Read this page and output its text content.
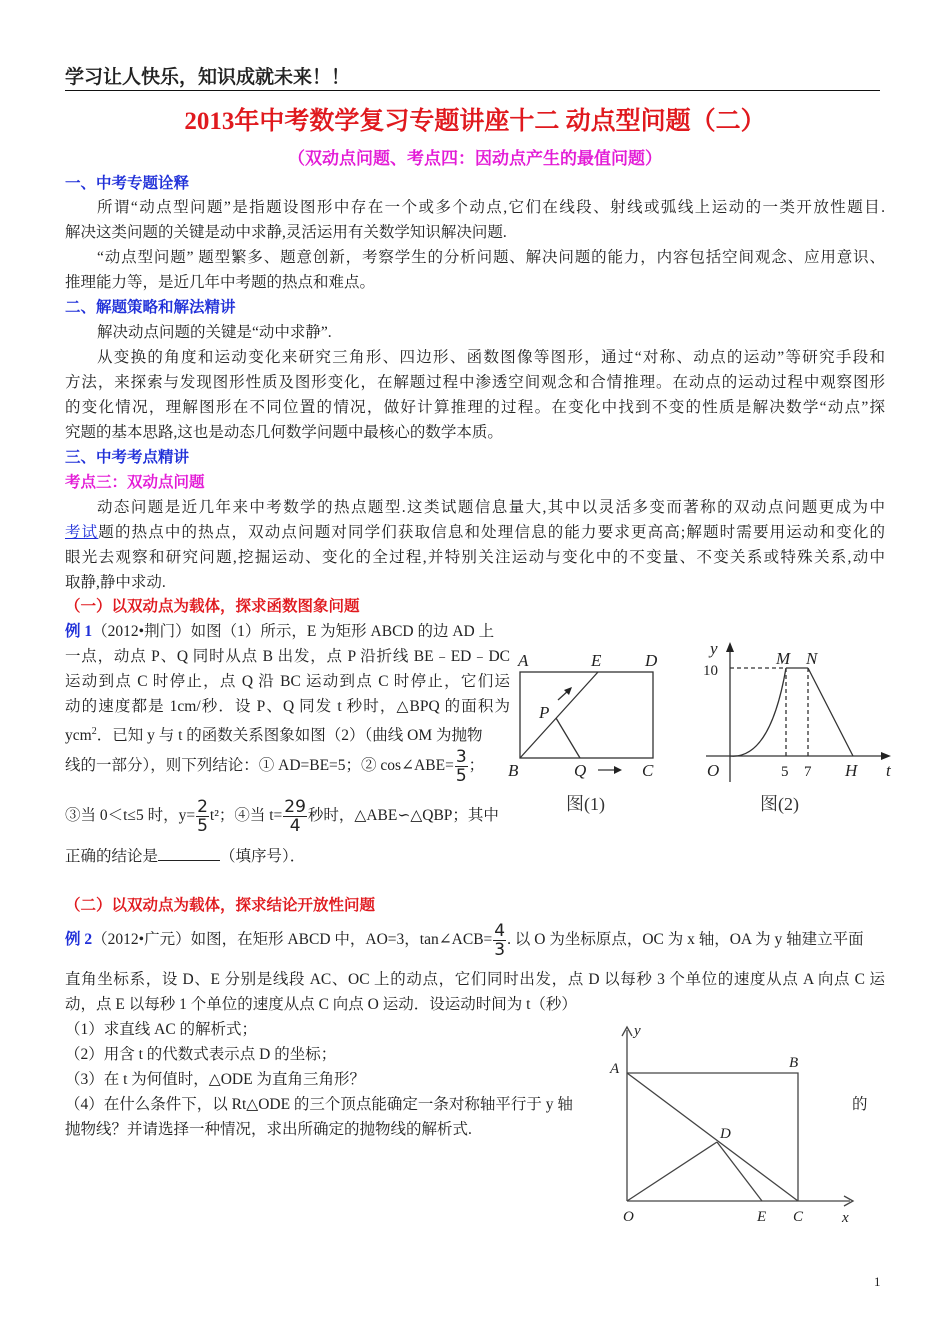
学习让人快乐，知识成就未来！！
2013年中考数学复习专题讲座十二 动点型问题（二）
（双动点问题、考点四：因动点产生的最值问题）
一、中考专题诠释
所谓“动点型问题”是指题设图形中存在一个或多个动点,它们在线段、射线或弧线上运动的一类开放性题目.
解决这类问题的关键是动中求静,灵活运用有关数学知识解决问题.
“动点型问题” 题型繁多、题意创新，考察学生的分析问题、解决问题的能力，内容包括空间观念、应用意识、
推理能力等，是近几年中考题的热点和难点。
二、解题策略和解法精讲
解决动点问题的关键是“动中求静”.
从变换的角度和运动变化来研究三角形、四边形、函数图像等图形，通过“对称、动点的运动”等研究手段和
方法，来探索与发现图形性质及图形变化，在解题过程中渗透空间观念和合情推理。在动点的运动过程中观察图形
的变化情况，理解图形在不同位置的情况，做好计算推理的过程。在变化中找到不变的性质是解决数学“动点”探
究题的基本思路,这也是动态几何数学问题中最核心的数学本质。
三、中考考点精讲
考点三：双动点问题
动态问题是近几年来中考数学的热点题型.这类试题信息量大,其中以灵活多变而著称的双动点问题更成为中
考试题的热点中的热点，双动点问题对同学们获取信息和处理信息的能力要求更高高;解题时需要用运动和变化的
眼光去观察和研究问题,挖掘运动、变化的全过程,并特别关注运动与变化中的不变量、不变关系或特殊关系,动中
取静,静中求动.
（一）以双动点为载体，探求函数图象问题
例 1（2012•荆门）如图（1）所示，E 为矩形 ABCD 的边 AD 上
一点，动点 P、Q 同时从点 B 出发，点 P 沿折线 BE﹣ED﹣DC
运动到点 C 时停止，点 Q 沿 BC 运动到点 C 时停止，它们运
动的速度都是 1cm/秒．设 P、Q 同发 t 秒时，△BPQ 的面积为
ycm$^2$．已知 y 与 t 的函数关系图象如图（2）（曲线 OM 为抛物
线的一部分），则下列结论：① AD=BE=5；② cos∠ABE= $\frac{3}{5}$ ；
③当 0＜t≤5 时，$y= \frac{2}{5} t^2$；④当 $t= \frac{29}{4}$ 秒时，△ABE∽△QBP；其中
正确的结论是	（填序号）．
（二）以双动点为载体，探求结论开放性问题
例 2（2012•广元）如图，在矩形 ABCD 中，AO=3，tan∠ACB= $\frac{4}{3}$ . 以 O 为坐标原点，OC 为 x 轴，OA 为 y 轴建立平面
直角坐标系，设 D、E 分别是线段 AC、OC 上的动点，它们同时出发，点 D 以每秒 3 个单位的速度从点 A 向点 C 运
动，点 E 以每秒 1 个单位的速度从点 C 向点 O 运动．设运动时间为 t（秒）
（1）求直线 AC 的解析式；
（2）用含 t 的代数式表示点 D 的坐标；
（3）在 t 为何值时，△ODE 为直角三角形？
（4）在什么条件下，以 Rt△ODE 的三个顶点能确定一条对称轴平行于 y 轴	的
抛物线？并请选择一种情况，求出所确定的抛物线的解析式.
A	E	D
P
B	Q	C
图(1)
y
10
M N
O	5 7 H t
图(2)
y
A	B
D
O	E C	x
1
